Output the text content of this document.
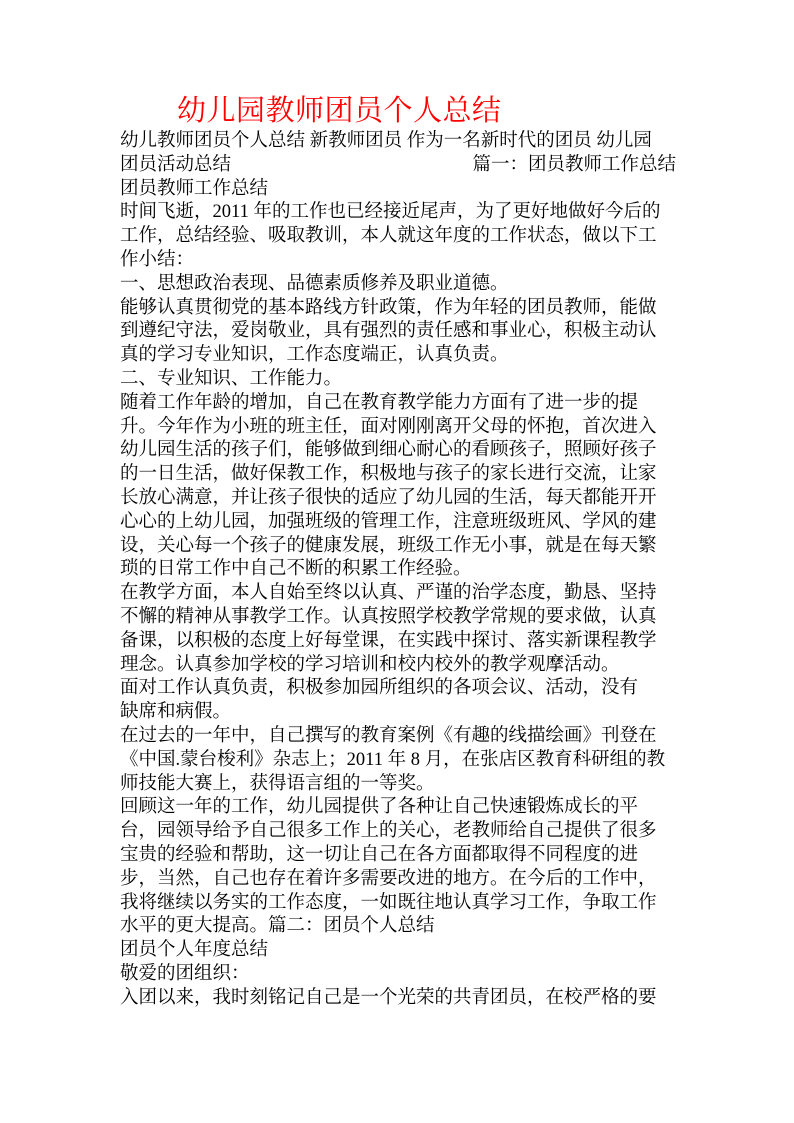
幼儿园教师团员个人总结
幼儿教师团员个人总结 新教师团员 作为一名新时代的团员 幼儿园
团员活动总结	篇一：团员教师工作总结
团员教师工作总结
时间飞逝，2011 年的工作也已经接近尾声，为了更好地做好今后的
工作，总结经验、吸取教训，本人就这年度的工作状态，做以下工
作小结：
一、思想政治表现、品德素质修养及职业道德。
能够认真贯彻党的基本路线方针政策，作为年轻的团员教师，能做
到遵纪守法，爱岗敬业，具有强烈的责任感和事业心，积极主动认
真的学习专业知识，工作态度端正，认真负责。
二、专业知识、工作能力。
随着工作年龄的增加，自己在教育教学能力方面有了进一步的提
升。今年作为小班的班主任，面对刚刚离开父母的怀抱，首次进入
幼儿园生活的孩子们，能够做到细心耐心的看顾孩子，照顾好孩子
的一日生活，做好保教工作，积极地与孩子的家长进行交流，让家
长放心满意，并让孩子很快的适应了幼儿园的生活，每天都能开开
心心的上幼儿园，加强班级的管理工作，注意班级班风、学风的建
设，关心每一个孩子的健康发展，班级工作无小事，就是在每天繁
琐的日常工作中自己不断的积累工作经验。
在教学方面，本人自始至终以认真、严谨的治学态度，勤恳、坚持
不懈的精神从事教学工作。认真按照学校教学常规的要求做，认真
备课，以积极的态度上好每堂课，在实践中探讨、落实新课程教学
理念。认真参加学校的学习培训和校内校外的教学观摩活动。
面对工作认真负责，积极参加园所组织的各项会议、活动，没有
缺席和病假。
在过去的一年中，自己撰写的教育案例《有趣的线描绘画》刊登在
《中国.蒙台梭利》杂志上；2011 年 8 月，在张店区教育科研组的教
师技能大赛上，获得语言组的一等奖。
回顾这一年的工作，幼儿园提供了各种让自己快速锻炼成长的平
台，园领导给予自己很多工作上的关心，老教师给自己提供了很多
宝贵的经验和帮助，这一切让自己在各方面都取得不同程度的进
步，当然，自己也存在着许多需要改进的地方。在今后的工作中，
我将继续以务实的工作态度，一如既往地认真学习工作，争取工作
水平的更大提高。篇二：团员个人总结
团员个人年度总结
敬爱的团组织：
入团以来，我时刻铭记自己是一个光荣的共青团员，在校严格的要
